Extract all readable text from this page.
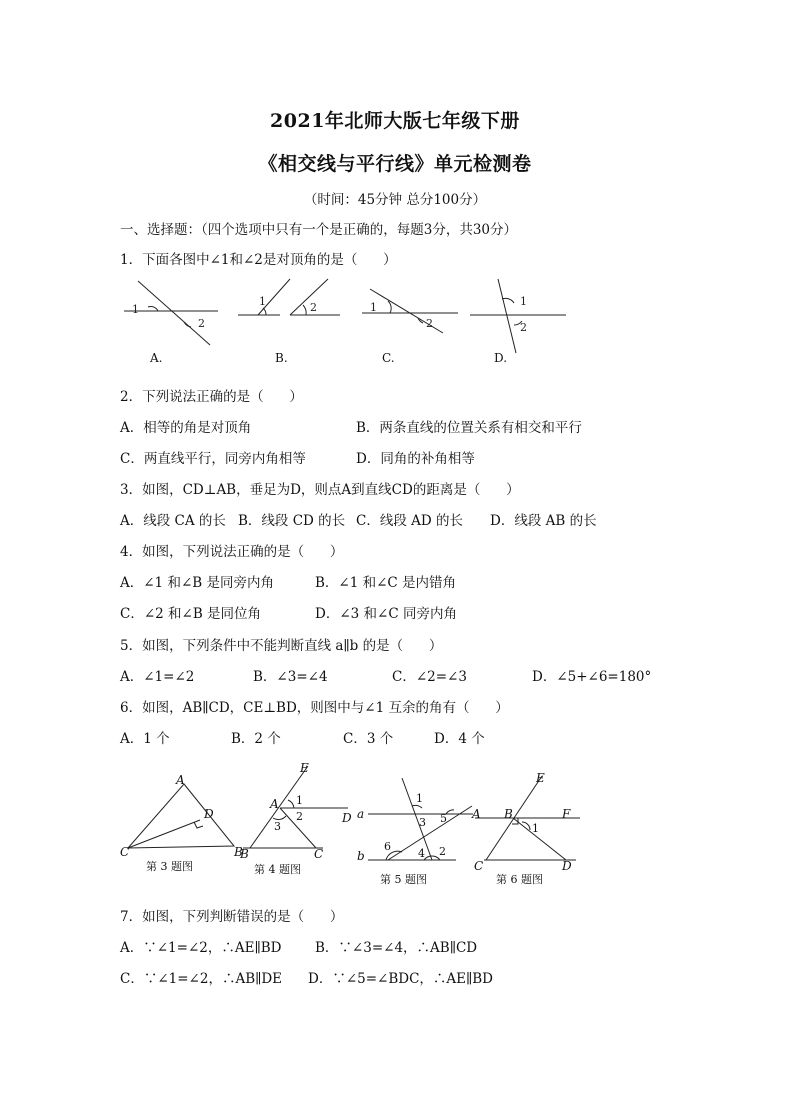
2021年北师大版七年级下册
《相交线与平行线》单元检测卷
（时间：45分钟 总分100分）
一、选择题：（四个选项中只有一个是正确的，每题3分，共30分）
1．下面各图中∠1和∠2是对顶角的是（      ）
1
2
1	2	1
2
1
2
A.	B.	C.	D.
2．下列说法正确的是（      ）
A．相等的角是对顶角	B．两条直线的位置关系有相交和平行
C．两直线平行，同旁内角相等	D．同角的补角相等
3．如图，CD⊥AB，垂足为D，则点A到直线CD的距离是（      ）
A．线段 CA 的长 B．线段 CD 的长 C．线段 AD 的长 D．线段 AB 的长
4．如图，下列说法正确的是（      ）
A．∠1 和∠B 是同旁内角	B．∠1 和∠C 是内错角
C．∠2 和∠B 是同位角	D．∠3 和∠C 同旁内角
5．如图，下列条件中不能判断直线 a∥b 的是（      ）
A．∠1=∠2	B．∠3=∠4	C．∠2=∠3	D．∠5+∠6=180°
6．如图，AB∥CD，CE⊥BD，则图中与∠1 互余的角有（      ）
A．1 个	B．2 个	C．3 个	D．4 个
A
D
C	B
E
A
D
B	C
a
b
E
A B	F
C	D
1
2
3
1
2
3
4
5
6
1
第 3 题图	第 4 题图
第 5 题图	第 6 题图
7．如图，下列判断错误的是（      ）
A．∵∠1=∠2，∴AE∥BD B．∵∠3=∠4，∴AB∥CD
C．∵∠1=∠2，∴AB∥DE D．∵∠5=∠BDC，∴AE∥BD
